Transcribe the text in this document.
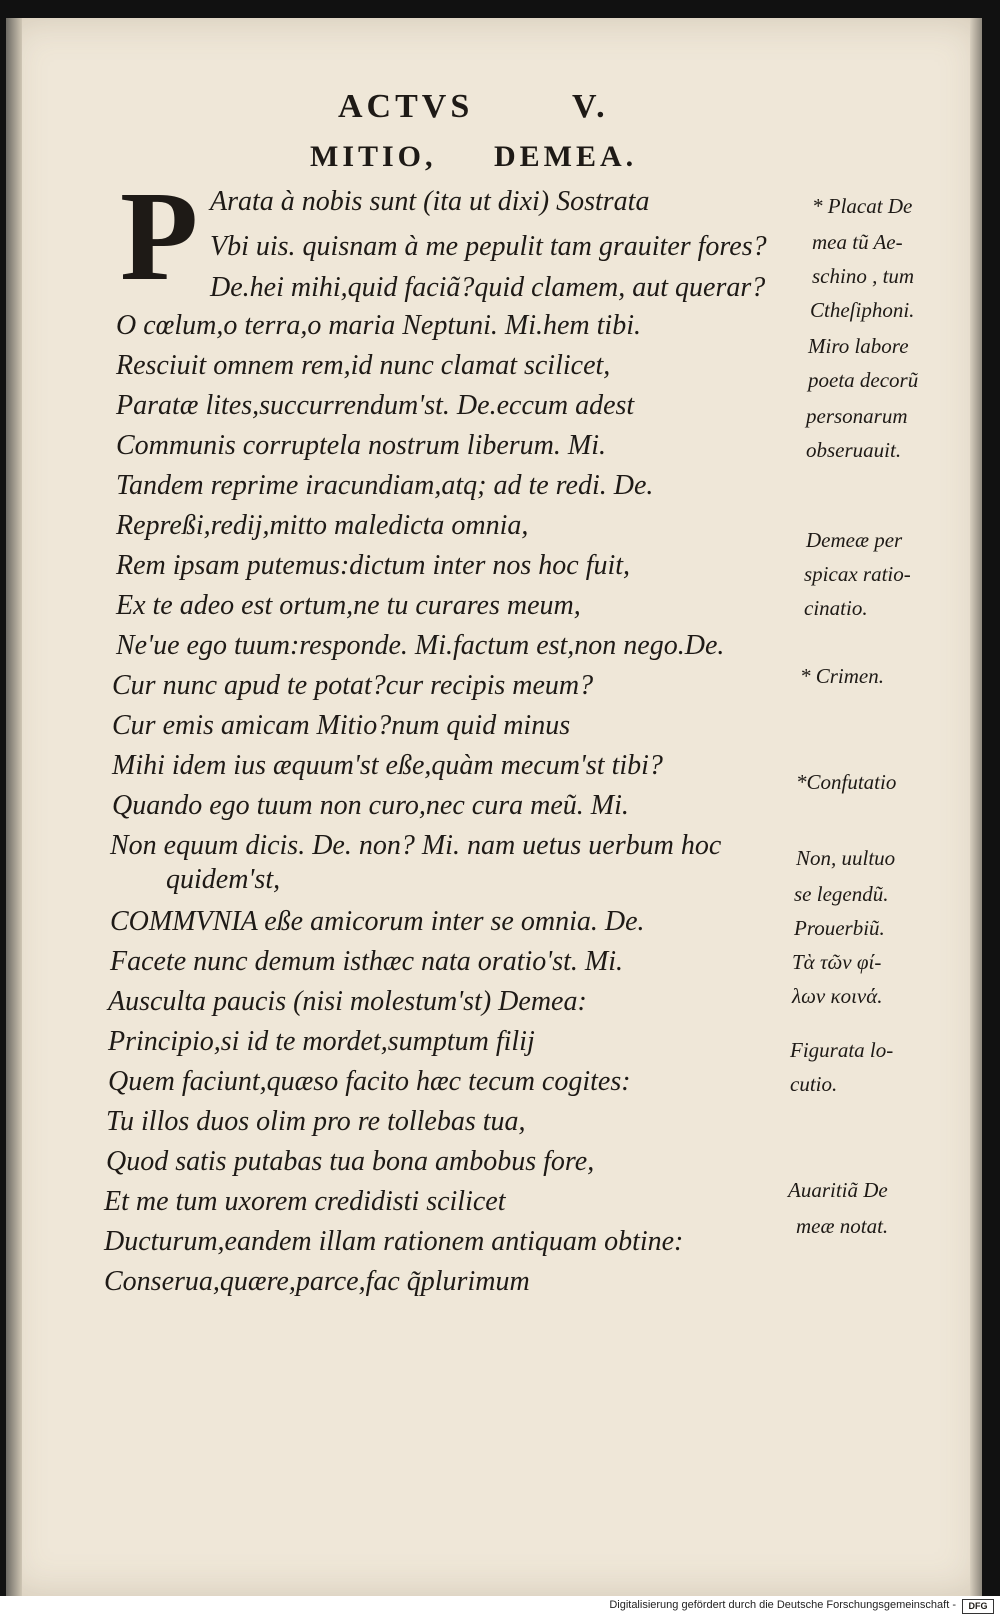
ACTVS	V.
MITIO,     DEMEA.
P Arata à nobis sunt (ita ut dixi) Sostrata
Vbi uis. quisnam à me pepulit tam grauiter fores?
De.hei mihi,quid faciã?quid clamem, aut querar?
O cœlum,o terra,o maria Neptuni. Mi.hem tibi.
Resciuit omnem rem,id nunc clamat scilicet,
Paratæ lites,succurrendum'st. De.eccum adest
Communis corruptela nostrum liberum. Mi.
Tandem reprime iracundiam,atq; ad te redi. De.
Repreßi,redij,mitto maledicta omnia,
Rem ipsam putemus:dictum inter nos hoc fuit,
Ex te adeo est ortum,ne tu curares meum,
Ne'ue ego tuum:responde. Mi.factum est,non nego.De.
Cur nunc apud te potat?cur recipis meum?
Cur emis amicam Mitio?num quid minus
Mihi idem ius æquum'st eße,quàm mecum'st tibi?
Quando ego tuum non curo,nec cura meũ. Mi.
Non equum dicis. De. non? Mi. nam uetus uerbum hoc
quidem'st,
COMMVNIA eße amicorum inter se omnia. De.
Facete nunc demum isthæc nata oratio'st. Mi.
Ausculta paucis (nisi molestum'st) Demea:
Principio,si id te mordet,sumptum filij
Quem faciunt,quæso facito hæc tecum cogites:
Tu illos duos olim pro re tollebas tua,
Quod satis putabas tua bona ambobus fore,
Et me tum uxorem credidisti scilicet
Ducturum,eandem illam rationem antiquam obtine:
Conserua,quære,parce,fac q̃plurimum
* Placat De
mea tũ Ae-
schino , tum
Ctheſiphoni.
Miro labore
poeta decorũ
personarum
obseruauit.
Demeæ per
spicax ratio-
cinatio.
* Crimen.
*Confutatio
Non, uultuo
se legendũ.
Prouerbiũ.
Τὰ τῶν φί-
λων κοινά.
Figurata lo-
cutio.
Auaritiã De
meæ notat.
Digitalisierung gefördert durch die Deutsche Forschungsgemeinschaft -	DFG
